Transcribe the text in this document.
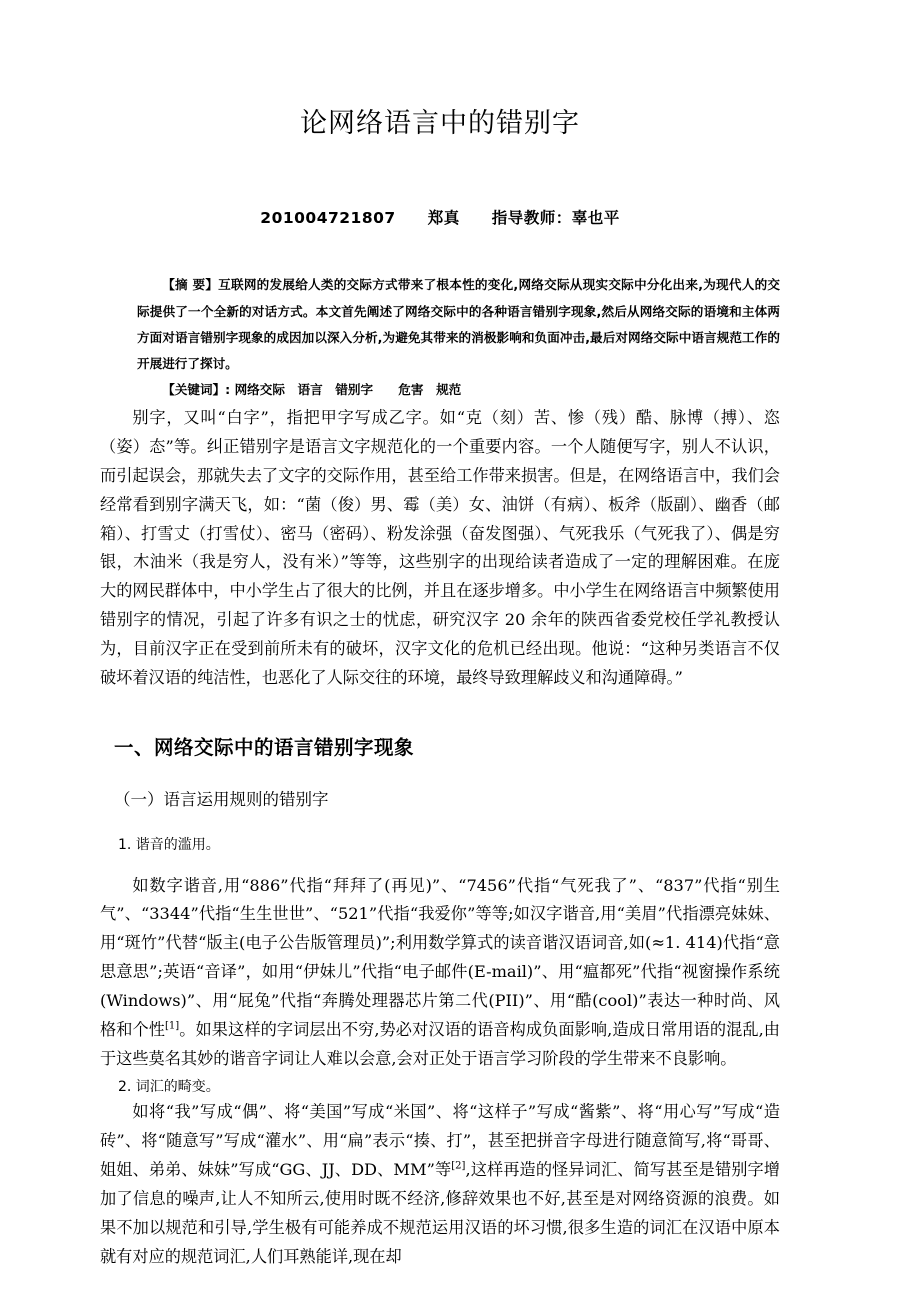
论网络语言中的错别字
201004721807　　郑真　　指导教师：辜也平

【摘 要】互联网的发展给人类的交际方式带来了根本性的变化,网络交际从现实交际中分化出来,为现代人的交际提供了一个全新的对话方式。本文首先阐述了网络交际中的各种语言错别字现象,然后从网络交际的语境和主体两方面对语言错别字现象的成因加以深入分析,为避免其带来的消极影响和负面冲击,最后对网络交际中语言规范工作的开展进行了探讨。

【关键词】: 网络交际　语言　错别字　　危害　规范

别字，又叫“白字”，指把甲字写成乙字。如“克（刻）苦、惨（残）酷、脉博（搏）、恣（姿）态”等。纠正错别字是语言文字规范化的一个重要内容。一个人随便写字，别人不认识，而引起误会，那就失去了文字的交际作用，甚至给工作带来损害。但是，在网络语言中，我们会经常看到别字满天飞，如：“菌（俊）男、霉（美）女、油饼（有病）、板斧（版副）、幽香（邮箱）、打雪丈（打雪仗）、密马（密码）、粉发涂强（奋发图强）、气死我乐（气死我了）、偶是穷银，木油米（我是穷人，没有米）”等等，这些别字的出现给读者造成了一定的理解困难。在庞大的网民群体中，中小学生占了很大的比例，并且在逐步增多。中小学生在网络语言中频繁使用错别字的情况，引起了许多有识之士的忧虑，研究汉字 20 余年的陕西省委党校任学礼教授认为，目前汉字正在受到前所未有的破坏，汉字文化的危机已经出现。他说：“这种另类语言不仅破坏着汉语的纯洁性，也恶化了人际交往的环境，最终导致理解歧义和沟通障碍。”

一、网络交际中的语言错别字现象
（一）语言运用规则的错别字
1. 谐音的滥用。

如数字谐音,用“886”代指“拜拜了(再见)”、“7456”代指“气死我了”、“837”代指“别生气”、“3344”代指“生生世世”、“521”代指“我爱你”等等;如汉字谐音,用“美眉”代指漂亮妹妹、用“斑竹”代替“版主(电子公告版管理员)”;利用数学算式的读音谐汉语词音,如(≈1. 414)代指“意思意思”;英语“音译”，如用“伊妹儿”代指“电子邮件(E-mail)”、用“瘟都死”代指“视窗操作系统(Windows)”、用“屁兔”代指“奔腾处理器芯片第二代(PII)”、用“酷(cool)”表达一种时尚、风格和个性[1]。如果这样的字词层出不穷,势必对汉语的语音构成负面影响,造成日常用语的混乱,由于这些莫名其妙的谐音字词让人难以会意,会对正处于语言学习阶段的学生带来不良影响。

2. 词汇的畸变。

如将“我”写成“偶”、将“美国”写成“米国”、将“这样子”写成“酱紫”、将“用心写”写成“造砖”、将“随意写”写成“灌水”、用“扁”表示“揍、打”，甚至把拼音字母进行随意简写,将“哥哥、姐姐、弟弟、妹妹”写成“GG、JJ、DD、MM”等[2],这样再造的怪异词汇、简写甚至是错别字增加了信息的噪声,让人不知所云,使用时既不经济,修辞效果也不好,甚至是对网络资源的浪费。如果不加以规范和引导,学生极有可能养成不规范运用汉语的坏习惯,很多生造的词汇在汉语中原本就有对应的规范词汇,人们耳熟能详,现在却
